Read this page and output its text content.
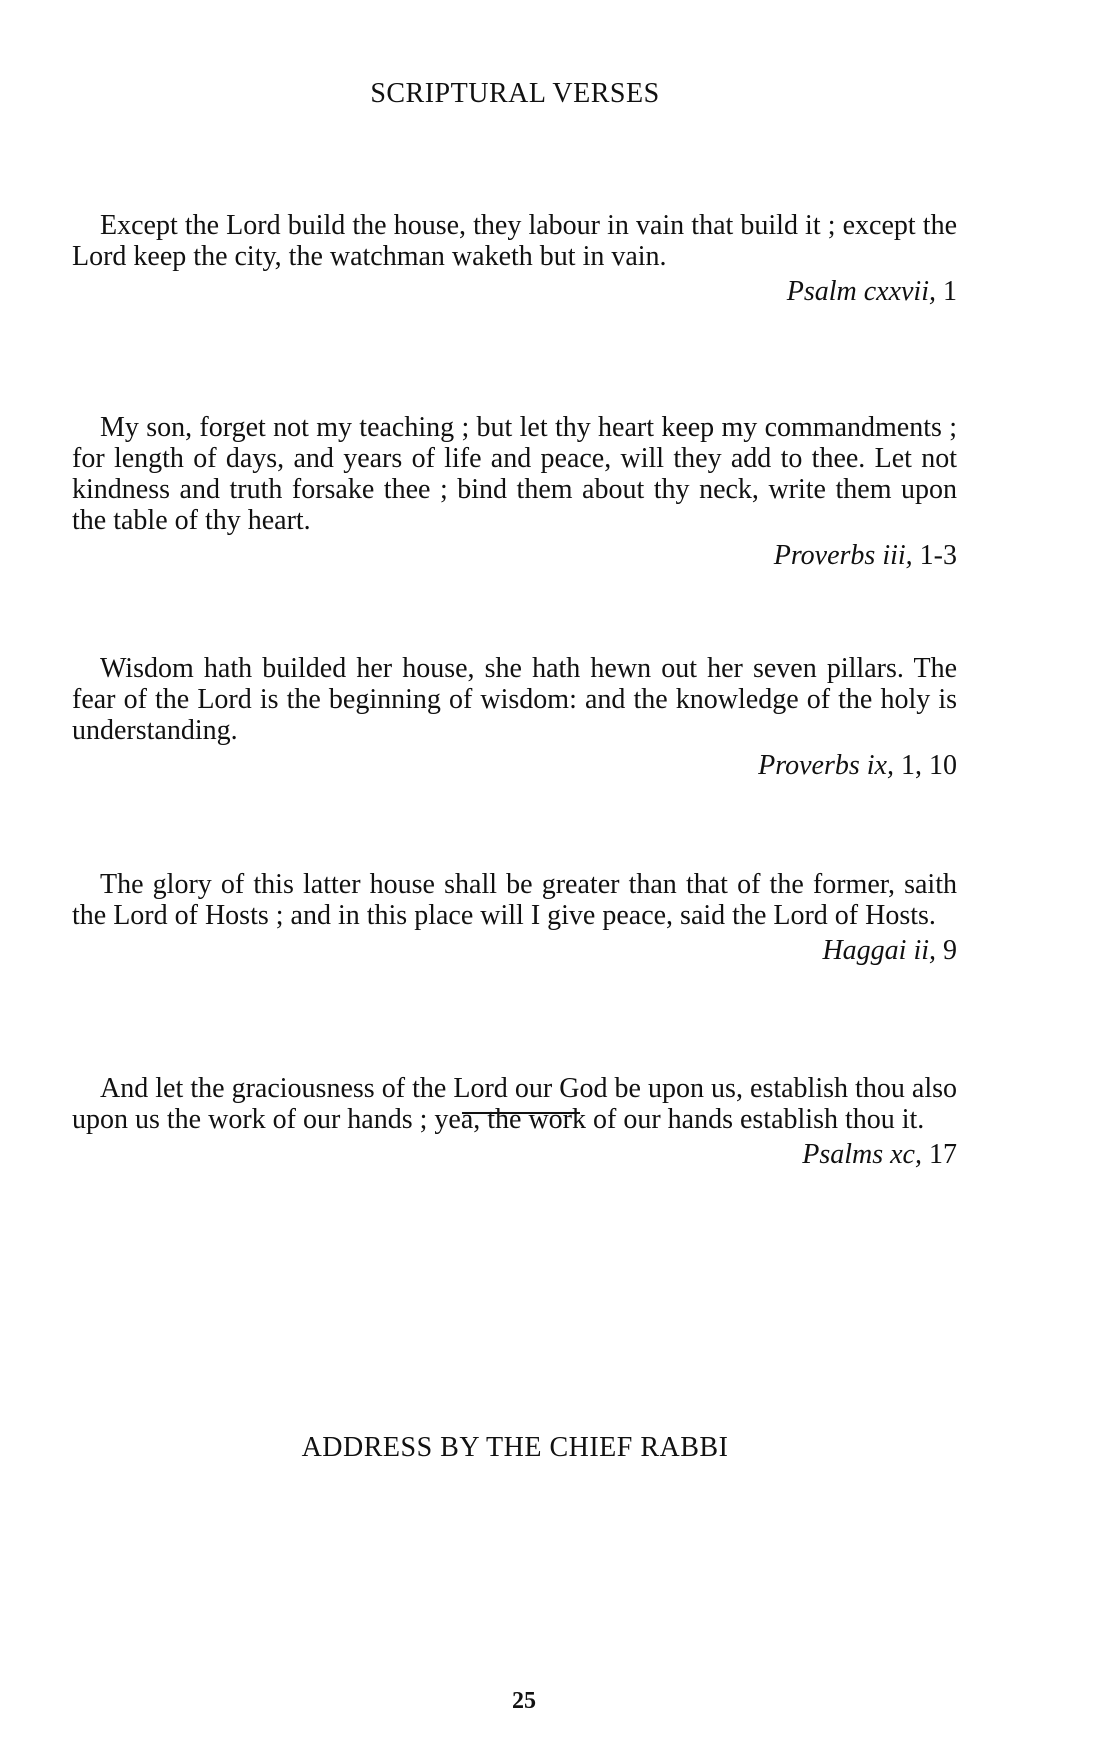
SCRIPTURAL VERSES

Except the Lord build the house, they labour in vain that build it ; except the Lord keep the city, the watchman waketh but in vain.

Psalm cxxvii, 1

My son, forget not my teaching ; but let thy heart keep my commandments ; for length of days, and years of life and peace, will they add to thee. Let not kindness and truth forsake thee ; bind them about thy neck, write them upon the table of thy heart.

Proverbs iii, 1-3

Wisdom hath builded her house, she hath hewn out her seven pillars. The fear of the Lord is the beginning of wisdom: and the knowledge of the holy is understanding.

Proverbs ix, 1, 10

The glory of this latter house shall be greater than that of the former, saith the Lord of Hosts ; and in this place will I give peace, said the Lord of Hosts.

Haggai ii, 9

And let the graciousness of the Lord our God be upon us, establish thou also upon us the work of our hands ; yea, the work of our hands establish thou it.

Psalms xc, 17
ADDRESS BY THE CHIEF RABBI
25
